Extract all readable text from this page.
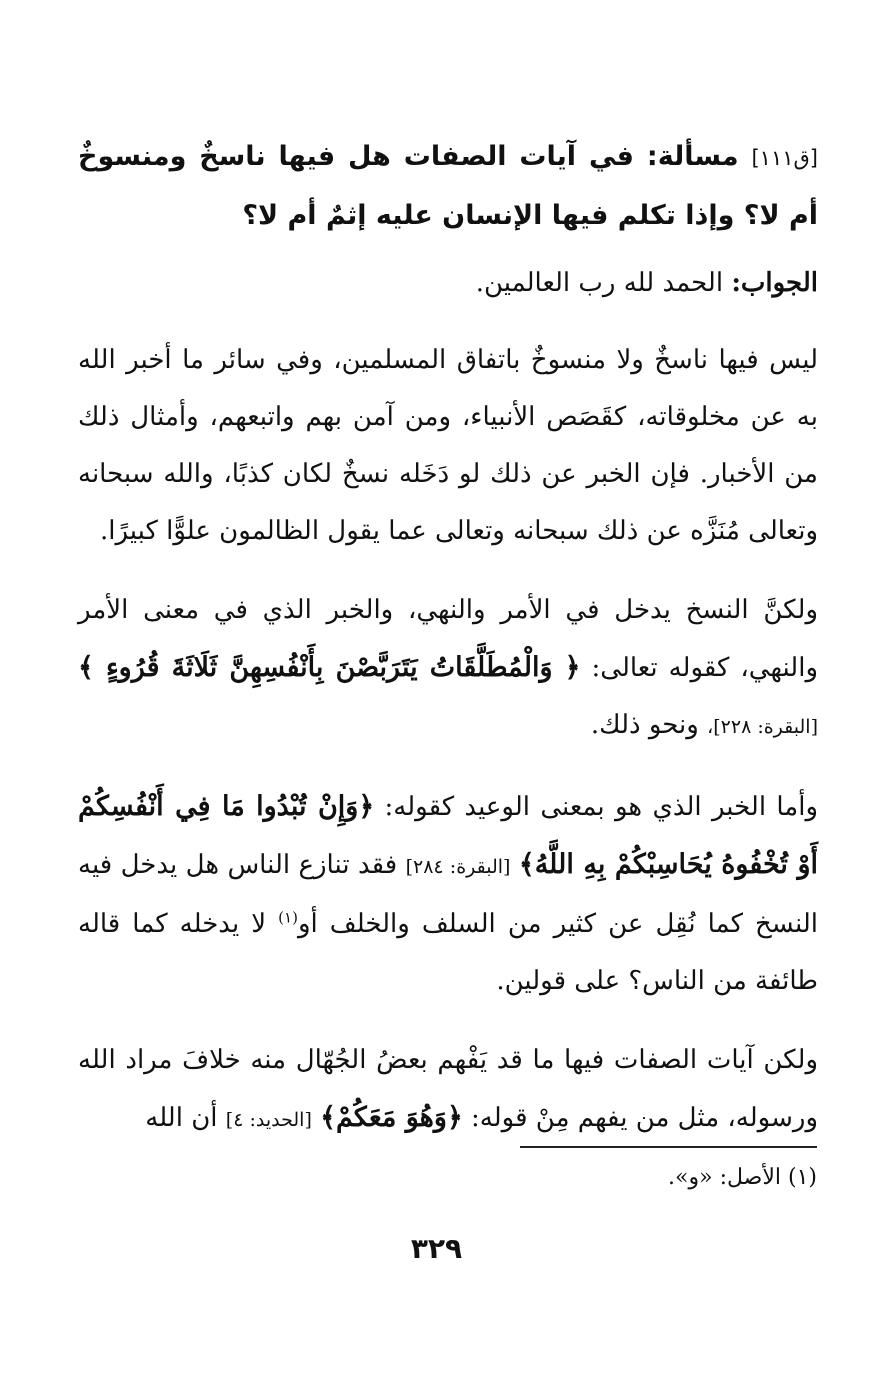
[ق١١١] مسألة: في آيات الصفات هل فيها ناسخٌ ومنسوخٌ أم لا؟ وإذا تكلم فيها الإنسان عليه إثمٌ أم لا؟

الجواب: الحمد لله رب العالمين.

ليس فيها ناسخٌ ولا منسوخٌ باتفاق المسلمين، وفي سائر ما أخبر الله به عن مخلوقاته، كقَصَص الأنبياء، ومن آمن بهم واتبعهم، وأمثال ذلك من الأخبار. فإن الخبر عن ذلك لو دَخَله نسخٌ لكان كذبًا، والله سبحانه وتعالى مُنَزَّه عن ذلك سبحانه وتعالى عما يقول الظالمون علوًّا كبيرًا.

ولكنَّ النسخ يدخل في الأمر والنهي، والخبر الذي في معنى الأمر والنهي، كقوله تعالى: ﴿ وَالْمُطَلَّقَاتُ يَتَرَبَّصْنَ بِأَنْفُسِهِنَّ ثَلَاثَةَ قُرُوءٍ ﴾ [البقرة: ٢٢٨]، ونحو ذلك.

وأما الخبر الذي هو بمعنى الوعيد كقوله: ﴿وَإِنْ تُبْدُوا مَا فِي أَنْفُسِكُمْ أَوْ تُخْفُوهُ يُحَاسِبْكُمْ بِهِ اللَّهُ﴾ [البقرة: ٢٨٤] فقد تنازع الناس هل يدخل فيه النسخ كما نُقِل عن كثير من السلف والخلف أو$^{(١)}$ لا يدخله كما قاله طائفة من الناس؟ على قولين.

ولكن آيات الصفات فيها ما قد يَفْهم بعضُ الجُهّال منه خلافَ مراد الله ورسوله، مثل من يفهم مِنْ قوله: ﴿وَهُوَ مَعَكُمْ﴾ [الحديد: ٤] أن الله

(١) الأصل: «و».
٣٢٩
